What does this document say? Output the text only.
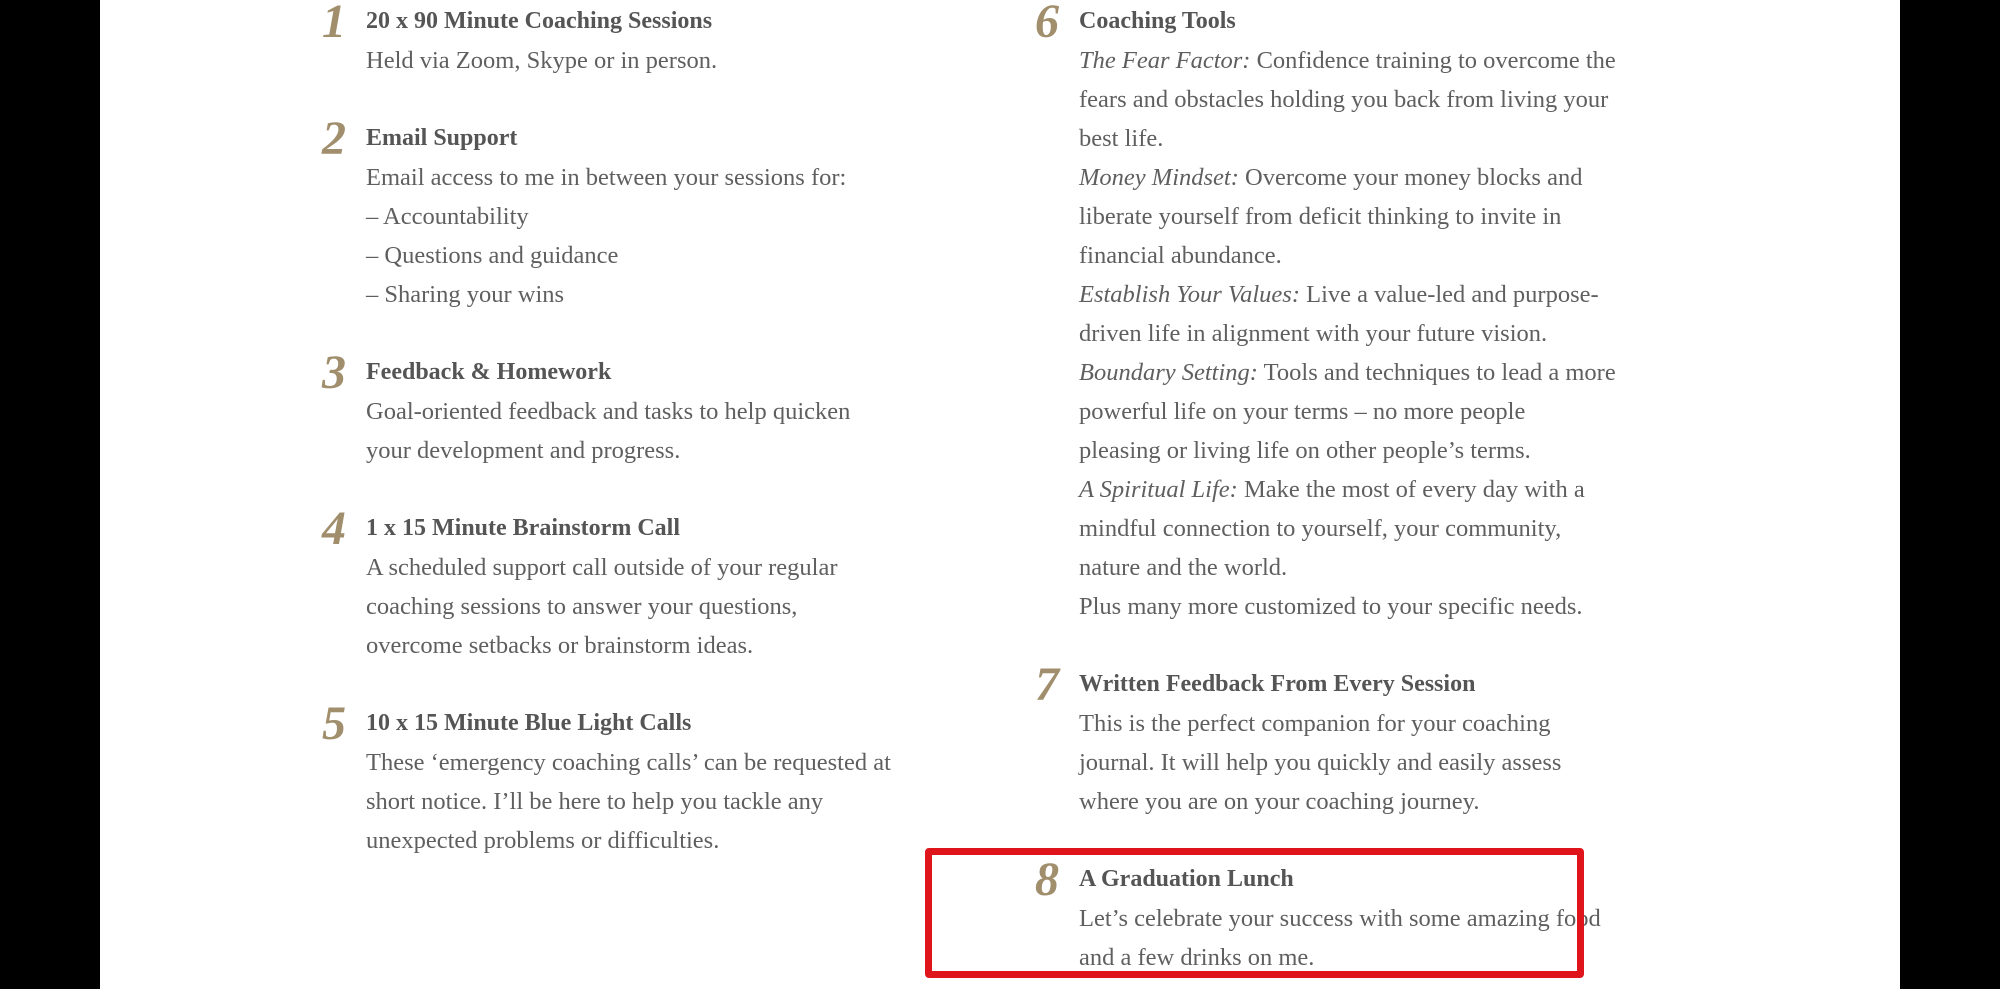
1 20 x 90 Minute Coaching Sessions
Held via Zoom, Skype or in person.
2 Email Support
Email access to me in between your sessions for:
– Accountability
– Questions and guidance
– Sharing your wins
3 Feedback & Homework
Goal-oriented feedback and tasks to help quicken
your development and progress.
4 1 x 15 Minute Brainstorm Call
A scheduled support call outside of your regular
coaching sessions to answer your questions,
overcome setbacks or brainstorm ideas.
5 10 x 15 Minute Blue Light Calls
These ‘emergency coaching calls’ can be requested at
short notice. I’ll be here to help you tackle any
unexpected problems or difficulties.
6 Coaching Tools
The Fear Factor: Confidence training to overcome the
fears and obstacles holding you back from living your
best life.
Money Mindset: Overcome your money blocks and
liberate yourself from deficit thinking to invite in
financial abundance.
Establish Your Values: Live a value-led and purpose-
driven life in alignment with your future vision.
Boundary Setting: Tools and techniques to lead a more
powerful life on your terms – no more people
pleasing or living life on other people’s terms.
A Spiritual Life: Make the most of every day with a
mindful connection to yourself, your community,
nature and the world.
Plus many more customized to your specific needs.
7 Written Feedback From Every Session
This is the perfect companion for your coaching
journal. It will help you quickly and easily assess
where you are on your coaching journey.
8 A Graduation Lunch
Let’s celebrate your success with some amazing food
and a few drinks on me.
